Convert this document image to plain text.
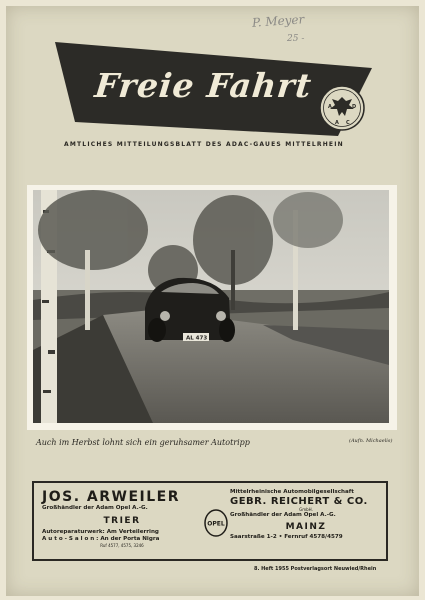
P. Meyer
25 -
A	D
A C
Freie Fahrt
AMTLICHES MITTEILUNGSBLATT DES ADAC-GAUES MITTELRHEIN
AL 473
Auch im Herbst lohnt sich ein geruhsamer Autotripp	(Aufn. Michaelis)
JOS. ARWEILER
Großhändler der Adam Opel A.-G.
TRIER
Autoreparaturwerk: Am Verteilerring
A u t o - S a l o n : An der Porta Nigra
Ruf 4577, 4575, 3246
OPEL
Mittelrheinische Automobilgesellschaft
GEBR. REICHERT & CO.
GmbH.
Großhändler der Adam Opel A.-G.
MAINZ
Saarstraße 1-2 • Fernruf 4578/4579
8. Heft 1955 Postverlagsort Neuwied/Rhein
